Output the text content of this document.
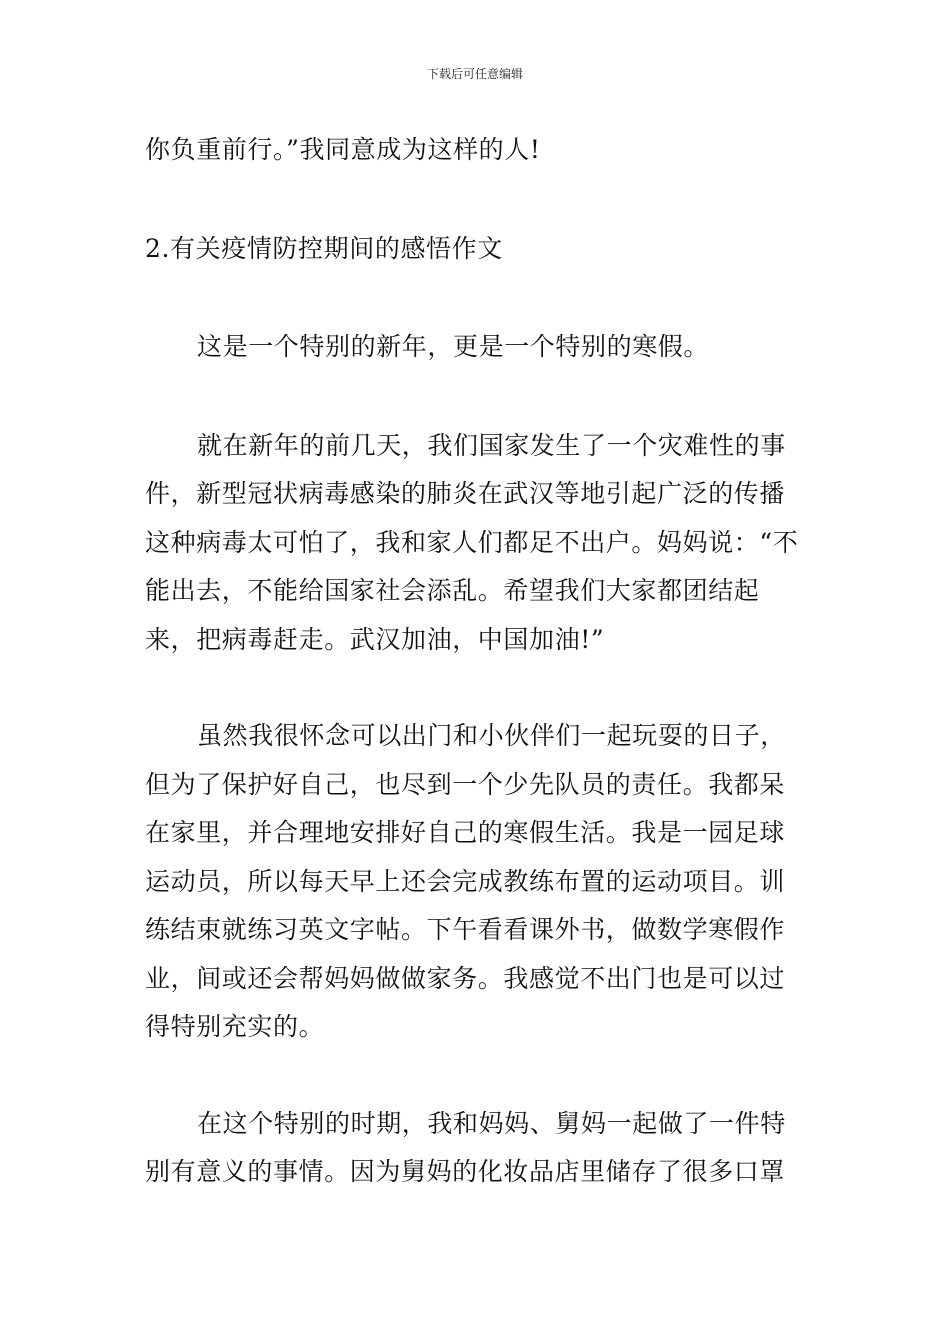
下载后可任意编辑

你负重前行。”我同意成为这样的人!

2.有关疫情防控期间的感悟作文

这是一个特别的新年，更是一个特别的寒假。

就在新年的前几天，我们国家发生了一个灾难性的事件，新型冠状病毒感染的肺炎在武汉等地引起广泛的传播这种病毒太可怕了，我和家人们都足不出户。妈妈说：“不能出去，不能给国家社会添乱。希望我们大家都团结起来，把病毒赶走。武汉加油，中国加油!”

虽然我很怀念可以出门和小伙伴们一起玩耍的日子，但为了保护好自己，也尽到一个少先队员的责任。我都呆在家里，并合理地安排好自己的寒假生活。我是一园足球运动员，所以每天早上还会完成教练布置的运动项目。训练结束就练习英文字帖。下午看看课外书，做数学寒假作业，间或还会帮妈妈做做家务。我感觉不出门也是可以过得特别充实的。

在这个特别的时期，我和妈妈、舅妈一起做了一件特别有意义的事情。因为舅妈的化妆品店里储存了很多口罩
